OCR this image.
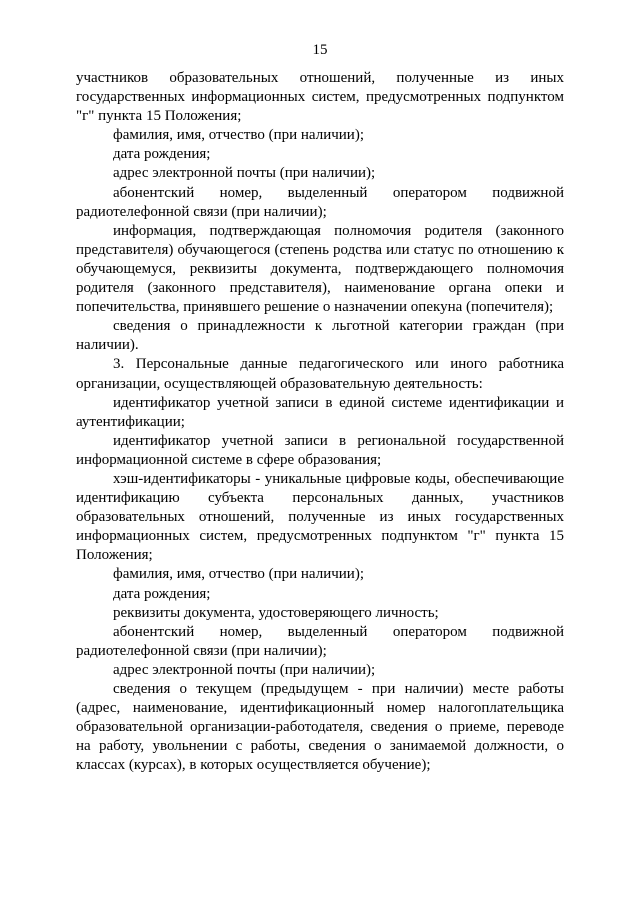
15

участников образовательных отношений, полученные из иных государственных информационных систем, предусмотренных подпунктом "г" пункта 15 Положения;

фамилия, имя, отчество (при наличии);

дата рождения;

адрес электронной почты (при наличии);

абонентский номер, выделенный оператором подвижной радиотелефонной связи (при наличии);

информация, подтверждающая полномочия родителя (законного представителя) обучающегося (степень родства или статус по отношению к обучающемуся, реквизиты документа, подтверждающего полномочия родителя (законного представителя), наименование органа опеки и попечительства, принявшего решение о назначении опекуна (попечителя);

сведения о принадлежности к льготной категории граждан (при наличии).

3. Персональные данные педагогического или иного работника организации, осуществляющей образовательную деятельность:

идентификатор учетной записи в единой системе идентификации и аутентификации;

идентификатор учетной записи в региональной государственной информационной системе в сфере образования;

хэш-идентификаторы - уникальные цифровые коды, обеспечивающие идентификацию субъекта персональных данных, участников образовательных отношений, полученные из иных государственных информационных систем, предусмотренных подпунктом "г" пункта 15 Положения;

фамилия, имя, отчество (при наличии);

дата рождения;

реквизиты документа, удостоверяющего личность;

абонентский номер, выделенный оператором подвижной радиотелефонной связи (при наличии);

адрес электронной почты (при наличии);

сведения о текущем (предыдущем - при наличии) месте работы (адрес, наименование, идентификационный номер налогоплательщика образовательной организации-работодателя, сведения о приеме, переводе на работу, увольнении с работы, сведения о занимаемой должности, о классах (курсах), в которых осуществляется обучение);
